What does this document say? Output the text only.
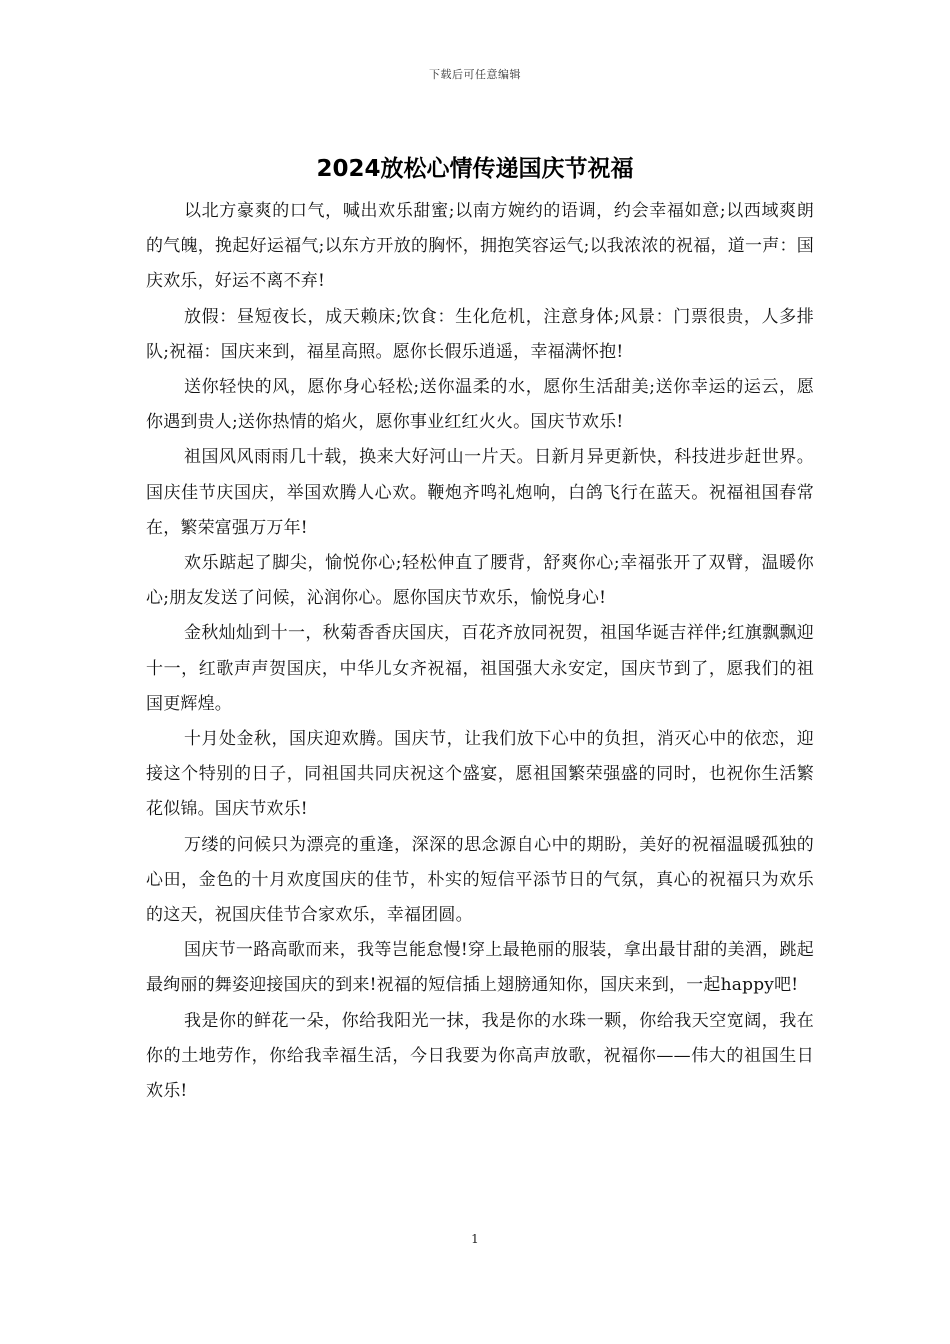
下载后可任意编辑
2024放松心情传递国庆节祝福

以北方豪爽的口气，喊出欢乐甜蜜;以南方婉约的语调，约会幸福如意;以西域爽朗的气魄，挽起好运福气;以东方开放的胸怀，拥抱笑容运气;以我浓浓的祝福，道一声：国庆欢乐，好运不离不弃!

放假：昼短夜长，成天赖床;饮食：生化危机，注意身体;风景：门票很贵，人多排队;祝福：国庆来到，福星高照。愿你长假乐逍遥，幸福满怀抱!

送你轻快的风，愿你身心轻松;送你温柔的水，愿你生活甜美;送你幸运的运云，愿你遇到贵人;送你热情的焰火，愿你事业红红火火。国庆节欢乐!

祖国风风雨雨几十载，换来大好河山一片天。日新月异更新快，科技进步赶世界。国庆佳节庆国庆，举国欢腾人心欢。鞭炮齐鸣礼炮响，白鸽飞行在蓝天。祝福祖国春常在，繁荣富强万万年!

欢乐踮起了脚尖，愉悦你心;轻松伸直了腰背，舒爽你心;幸福张开了双臂，温暖你心;朋友发送了问候，沁润你心。愿你国庆节欢乐，愉悦身心!

金秋灿灿到十一，秋菊香香庆国庆，百花齐放同祝贺，祖国华诞吉祥伴;红旗飘飘迎十一，红歌声声贺国庆，中华儿女齐祝福，祖国强大永安定，国庆节到了，愿我们的祖国更辉煌。

十月处金秋，国庆迎欢腾。国庆节，让我们放下心中的负担，消灭心中的依恋，迎接这个特别的日子，同祖国共同庆祝这个盛宴，愿祖国繁荣强盛的同时，也祝你生活繁花似锦。国庆节欢乐!

万缕的问候只为漂亮的重逢，深深的思念源自心中的期盼，美好的祝福温暖孤独的心田，金色的十月欢度国庆的佳节，朴实的短信平添节日的气氛，真心的祝福只为欢乐的这天，祝国庆佳节合家欢乐，幸福团圆。

国庆节一路高歌而来，我等岂能怠慢!穿上最艳丽的服装，拿出最甘甜的美酒，跳起最绚丽的舞姿迎接国庆的到来!祝福的短信插上翅膀通知你，国庆来到，一起happy吧!

我是你的鲜花一朵，你给我阳光一抹，我是你的水珠一颗，你给我天空宽阔，我在你的土地劳作，你给我幸福生活，今日我要为你高声放歌，祝福你——伟大的祖国生日欢乐!

1
